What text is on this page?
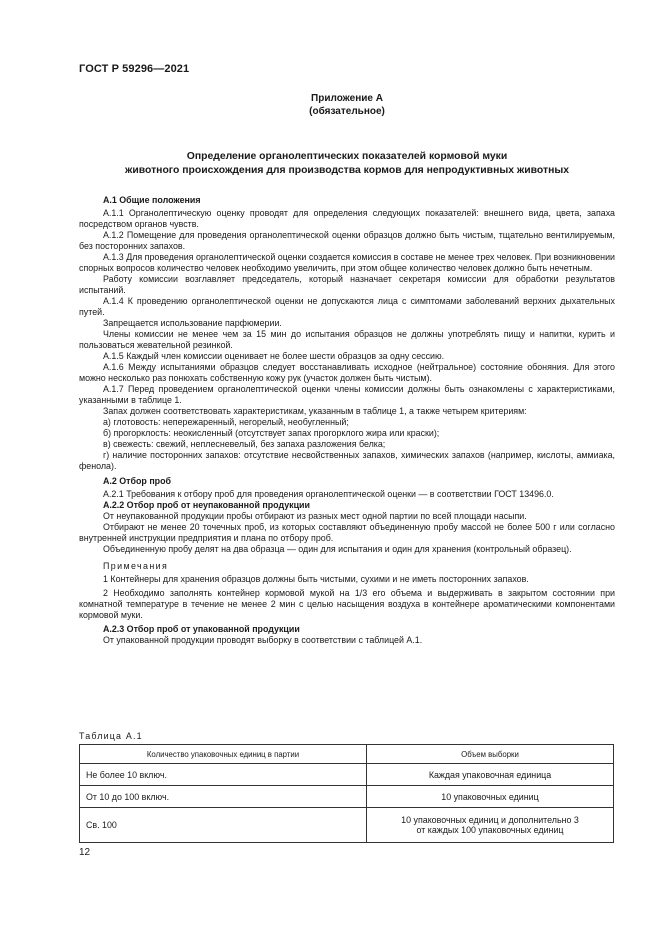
ГОСТ Р 59296—2021
Приложение А
(обязательное)
Определение органолептических показателей кормовой муки
животного происхождения для производства кормов для непродуктивных животных

А.1 Общие положения

А.1.1 Органолептическую оценку проводят для определения следующих показателей: внешнего вида, цвета, запаха посредством органов чувств.

А.1.2 Помещение для проведения органолептической оценки образцов должно быть чистым, тщательно вентилируемым, без посторонних запахов.

А.1.3 Для проведения органолептической оценки создается комиссия в составе не менее трех человек. При возникновении спорных вопросов количество человек необходимо увеличить, при этом общее количество человек должно быть нечетным.

Работу комиссии возглавляет председатель, который назначает секретаря комиссии для обработки результатов испытаний.

А.1.4 К проведению органолептической оценки не допускаются лица с симптомами заболеваний верхних дыхательных путей.

Запрещается использование парфюмерии.

Члены комиссии не менее чем за 15 мин до испытания образцов не должны употреблять пищу и напитки, курить и пользоваться жевательной резинкой.

А.1.5 Каждый член комиссии оценивает не более шести образцов за одну сессию.

А.1.6 Между испытаниями образцов следует восстанавливать исходное (нейтральное) состояние обоняния. Для этого можно несколько раз понюхать собственную кожу рук (участок должен быть чистым).

А.1.7 Перед проведением органолептической оценки члены комиссии должны быть ознакомлены с характеристиками, указанными в таблице 1.

Запах должен соответствовать характеристикам, указанным в таблице 1, а также четырем критериям:

а) глотовость: непережаренный, негорелый, необугленный;

б) прогорклость: неокисленный (отсутствует запах прогорклого жира или краски);

в) свежесть: свежий, неплесневелый, без запаха разложения белка;

г) наличие посторонних запахов: отсутствие несвойственных запахов, химических запахов (например, кислоты, аммиака, фенола).

А.2 Отбор проб

А.2.1 Требования к отбору проб для проведения органолептической оценки — в соответствии ГОСТ 13496.0.

А.2.2 Отбор проб от неупакованной продукции

От неупакованной продукции пробы отбирают из разных мест одной партии по всей площади насыпи.

Отбирают не менее 20 точечных проб, из которых составляют объединенную пробу массой не более 500 г или согласно внутренней инструкции предприятия и плана по отбору проб.

Объединенную пробу делят на два образца — один для испытания и один для хранения (контрольный образец).

Примечания

1 Контейнеры для хранения образцов должны быть чистыми, сухими и не иметь посторонних запахов.

2 Необходимо заполнять контейнер кормовой мукой на 1/3 его объема и выдерживать в закрытом состоянии при комнатной температуре в течение не менее 2 мин с целью насыщения воздуха в контейнере ароматическими компонентами кормовой муки.

А.2.3 Отбор проб от упакованной продукции

От упакованной продукции проводят выборку в соответствии с таблицей А.1.

Таблица А.1
Количество упаковочных единиц в партии	Объем выборки
Не более 10 включ.	Каждая упаковочная единица
От 10 до 100 включ.	10 упаковочных единиц
Св. 100	10 упаковочных единиц и дополнительно 3
от каждых 100 упаковочных единиц
12
